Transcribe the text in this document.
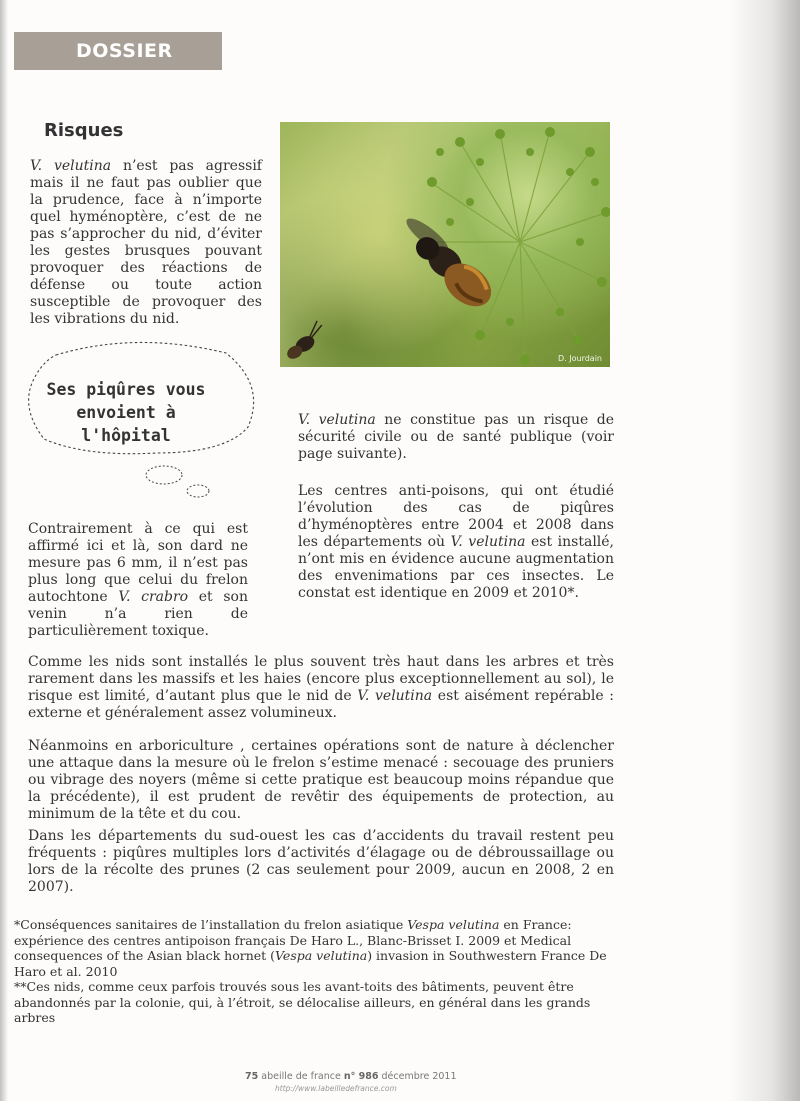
DOSSIER
Risques

V. velutina n’est pas agressif mais il ne faut pas oublier que la prudence, face à n’importe quel hyménoptère, c’est de ne pas s’approcher du nid, d’éviter les gestes brusques pouvant provoquer des réactions de défense ou toute action susceptible de provoquer des les vibrations du nid.

D. Jourdain
Ses piqûres vous
envoient à
l'hôpital

V. velutina ne constitue pas un risque de sécurité civile ou de santé publique (voir page suivante).

Les centres anti-poisons, qui ont étudié l’évolution des cas de piqûres d’hyménoptères entre 2004 et 2008 dans les départements où V. velutina est installé, n’ont mis en évidence aucune augmentation des envenimations par ces insectes. Le constat est identique en 2009 et 2010*.

Contrairement à ce qui est affirmé ici et là, son dard ne mesure pas 6 mm, il n’est pas plus long que celui du frelon autochtone V. crabro et son venin n’a rien de particulièrement toxique.

Comme les nids sont installés le plus souvent très haut dans les arbres et très rarement dans les massifs et les haies (encore plus exceptionnellement au sol), le risque est limité, d’autant plus que le nid de V. velutina est aisément repérable : externe et généralement assez volumineux.

Néanmoins en arboriculture , certaines opérations sont de nature à déclencher une attaque dans la mesure où le frelon s’estime menacé : secouage des pruniers ou vibrage des noyers (même si cette pratique est beaucoup moins répandue que la précédente), il est prudent de revêtir des équipements de protection, au minimum de la tête et du cou.

Dans les départements du sud-ouest les cas d’accidents du travail restent peu fréquents : piqûres multiples lors d’activités d’élagage ou de débroussaillage ou lors de la récolte des prunes (2 cas seulement pour 2009, aucun en 2008, 2 en 2007).

*Conséquences sanitaires de l’installation du frelon asiatique Vespa velutina en France: expérience des centres antipoison français De Haro L., Blanc-Brisset I. 2009 et Medical consequences of the Asian black hornet (Vespa velutina) invasion in Southwestern France De Haro et al. 2010

**Ces nids, comme ceux parfois trouvés sous les avant-toits des bâtiments, peuvent être abandonnés par la colonie, qui, à l’étroit, se délocalise ailleurs, en général dans les grands arbres

75 abeille de france n° 986 décembre 2011
http://www.labeilledefrance.com
